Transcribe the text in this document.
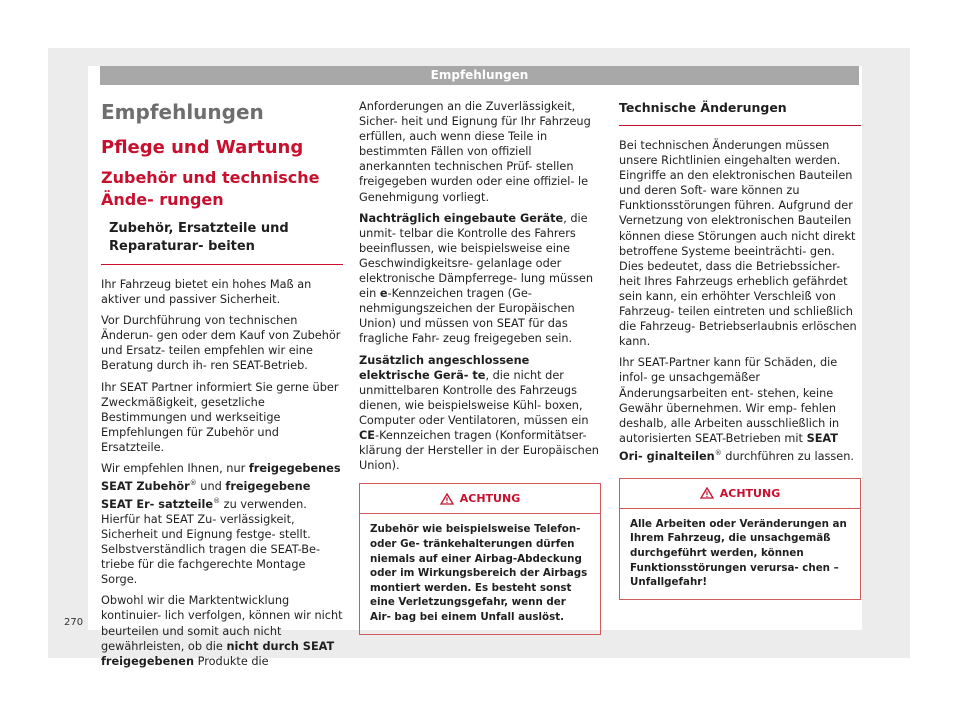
Empfehlungen
Empfehlungen
Pflege und Wartung
Zubehör und technische Ände- rungen
Zubehör, Ersatzteile und Reparaturar- beiten

Ihr Fahrzeug bietet ein hohes Maß an aktiver und passiver Sicherheit.

Vor Durchführung von technischen Änderun- gen oder dem Kauf von Zubehör und Ersatz- teilen empfehlen wir eine Beratung durch ih- ren SEAT-Betrieb.

Ihr SEAT Partner informiert Sie gerne über Zweckmäßigkeit, gesetzliche Bestimmungen und werkseitige Empfehlungen für Zubehör und Ersatzteile.

Wir empfehlen Ihnen, nur freigegebenes SEAT Zubehör® und freigegebene SEAT Er- satzteile® zu verwenden. Hierfür hat SEAT Zu- verlässigkeit, Sicherheit und Eignung festge- stellt. Selbstverständlich tragen die SEAT-Be- triebe für die fachgerechte Montage Sorge.

Obwohl wir die Marktentwicklung kontinuier- lich verfolgen, können wir nicht beurteilen und somit auch nicht gewährleisten, ob die nicht durch SEAT freigegebenen Produkte die

Anforderungen an die Zuverlässigkeit, Sicher- heit und Eignung für Ihr Fahrzeug erfüllen, auch wenn diese Teile in bestimmten Fällen von offiziell anerkannten technischen Prüf- stellen freigegeben wurden oder eine offiziel- le Genehmigung vorliegt.

Nachträglich eingebaute Geräte, die unmit- telbar die Kontrolle des Fahrers beeinflussen, wie beispielsweise eine Geschwindigkeitsre- gelanlage oder elektronische Dämpferrege- lung müssen ein e-Kennzeichen tragen (Ge- nehmigungszeichen der Europäischen Union) und müssen von SEAT für das fragliche Fahr- zeug freigegeben sein.

Zusätzlich angeschlossene elektrische Gerä- te, die nicht der unmittelbaren Kontrolle des Fahrzeugs dienen, wie beispielsweise Kühl- boxen, Computer oder Ventilatoren, müssen ein CE-Kennzeichen tragen (Konformitätser- klärung der Hersteller in der Europäischen Union).

ACHTUNG
Zubehör wie beispielsweise Telefon- oder Ge- tränkehalterungen dürfen niemals auf einer Airbag-Abdeckung oder im Wirkungsbereich der Airbags montiert werden. Es besteht sonst eine Verletzungsgefahr, wenn der Air- bag bei einem Unfall auslöst.
Technische Änderungen

Bei technischen Änderungen müssen unsere Richtlinien eingehalten werden. Eingriffe an den elektronischen Bauteilen und deren Soft- ware können zu Funktionsstörungen führen. Aufgrund der Vernetzung von elektronischen Bauteilen können diese Störungen auch nicht direkt betroffene Systeme beeinträchti- gen. Dies bedeutet, dass die Betriebssicher- heit Ihres Fahrzeugs erheblich gefährdet sein kann, ein erhöhter Verschleiß von Fahrzeug- teilen eintreten und schließlich die Fahrzeug- Betriebserlaubnis erlöschen kann.

Ihr SEAT-Partner kann für Schäden, die infol- ge unsachgemäßer Änderungsarbeiten ent- stehen, keine Gewähr übernehmen. Wir emp- fehlen deshalb, alle Arbeiten ausschließlich in autorisierten SEAT-Betrieben mit SEAT Ori- ginalteilen® durchführen zu lassen.

ACHTUNG
Alle Arbeiten oder Veränderungen an Ihrem Fahrzeug, die unsachgemäß durchgeführt werden, können Funktionsstörungen verursa- chen – Unfallgefahr!
270
